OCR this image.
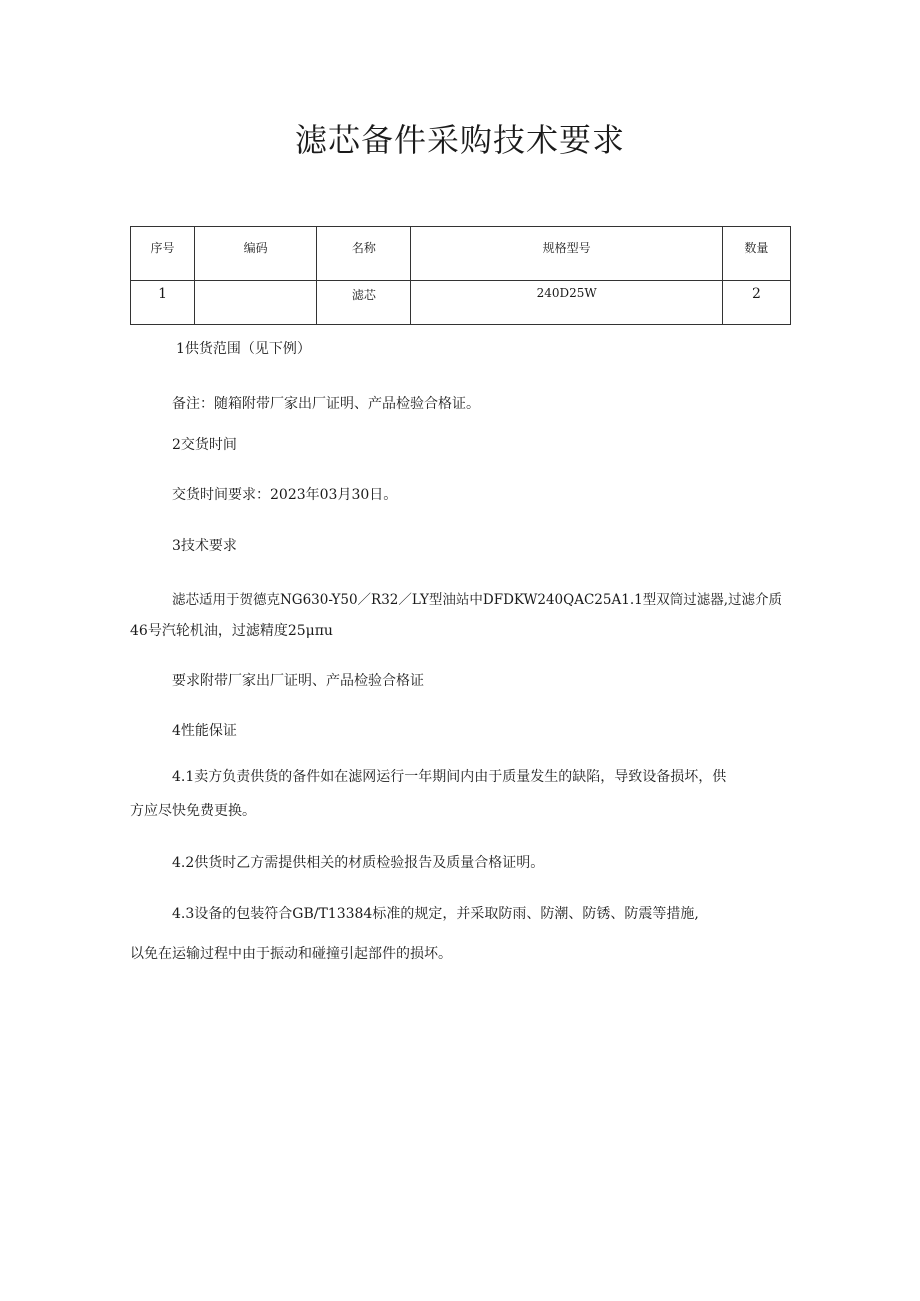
滤芯备件采购技术要求
序号	编码	名称	规格型号	数量
1		滤芯	240D25W	2
1供货范围（见下例）
备注：随箱附带厂家出厂证明、产品检验合格证。
2交货时间
交货时间要求：2023年03月30日。
3技术要求
滤芯适用于贺德克NG630-Y50／R32／LY型油站中DFDKW240QAC25A1.1型双筒过滤器,过滤介质
46号汽轮机油，过滤精度25μπu
要求附带厂家出厂证明、产品检验合格证
4性能保证
4.1卖方负责供货的备件如在滤网运行一年期间内由于质量发生的缺陷，导致设备损坏，供
方应尽快免费更换。
4.2供货时乙方需提供相关的材质检验报告及质量合格证明。
4.3设备的包装符合GB/T13384标准的规定，并采取防雨、防潮、防锈、防震等措施,
以免在运输过程中由于振动和碰撞引起部件的损坏。
